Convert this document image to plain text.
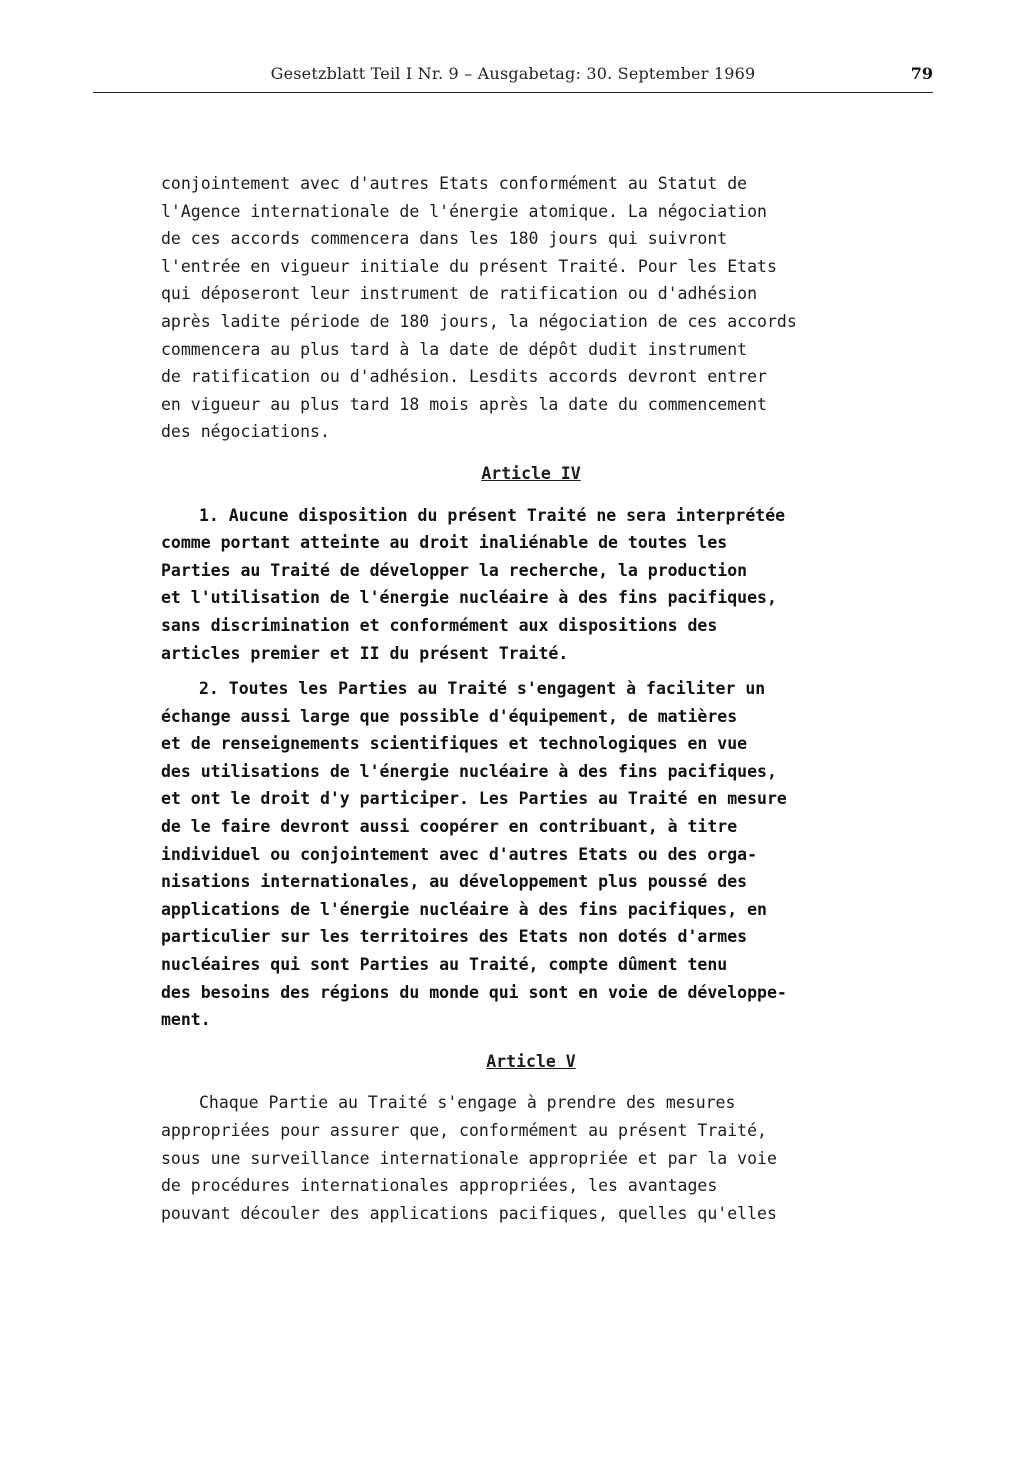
Gesetzblatt Teil I Nr. 9 – Ausgabetag: 30. September 1969	79
conjointement avec d'autres Etats conformément au Statut de
l'Agence internationale de l'énergie atomique. La négociation
de ces accords commencera dans les 180 jours qui suivront
l'entrée en vigueur initiale du présent Traité. Pour les Etats
qui déposeront leur instrument de ratification ou d'adhésion
après ladite période de 180 jours, la négociation de ces accords
commencera au plus tard à la date de dépôt dudit instrument
de ratification ou d'adhésion. Lesdits accords devront entrer
en vigueur au plus tard 18 mois après la date du commencement
des négociations.
Article IV
1. Aucune disposition du présent Traité ne sera interprétée
comme portant atteinte au droit inaliénable de toutes les
Parties au Traité de développer la recherche, la production
et l'utilisation de l'énergie nucléaire à des fins pacifiques,
sans discrimination et conformément aux dispositions des
articles premier et II du présent Traité.
2. Toutes les Parties au Traité s'engagent à faciliter un
échange aussi large que possible d'équipement, de matières
et de renseignements scientifiques et technologiques en vue
des utilisations de l'énergie nucléaire à des fins pacifiques,
et ont le droit d'y participer. Les Parties au Traité en mesure
de le faire devront aussi coopérer en contribuant, à titre
individuel ou conjointement avec d'autres Etats ou des orga-
nisations internationales, au développement plus poussé des
applications de l'énergie nucléaire à des fins pacifiques, en
particulier sur les territoires des Etats non dotés d'armes
nucléaires qui sont Parties au Traité, compte dûment tenu
des besoins des régions du monde qui sont en voie de développe-
ment.
Article V
Chaque Partie au Traité s'engage à prendre des mesures
appropriées pour assurer que, conformément au présent Traité,
sous une surveillance internationale appropriée et par la voie
de procédures internationales appropriées, les avantages
pouvant découler des applications pacifiques, quelles qu'elles
